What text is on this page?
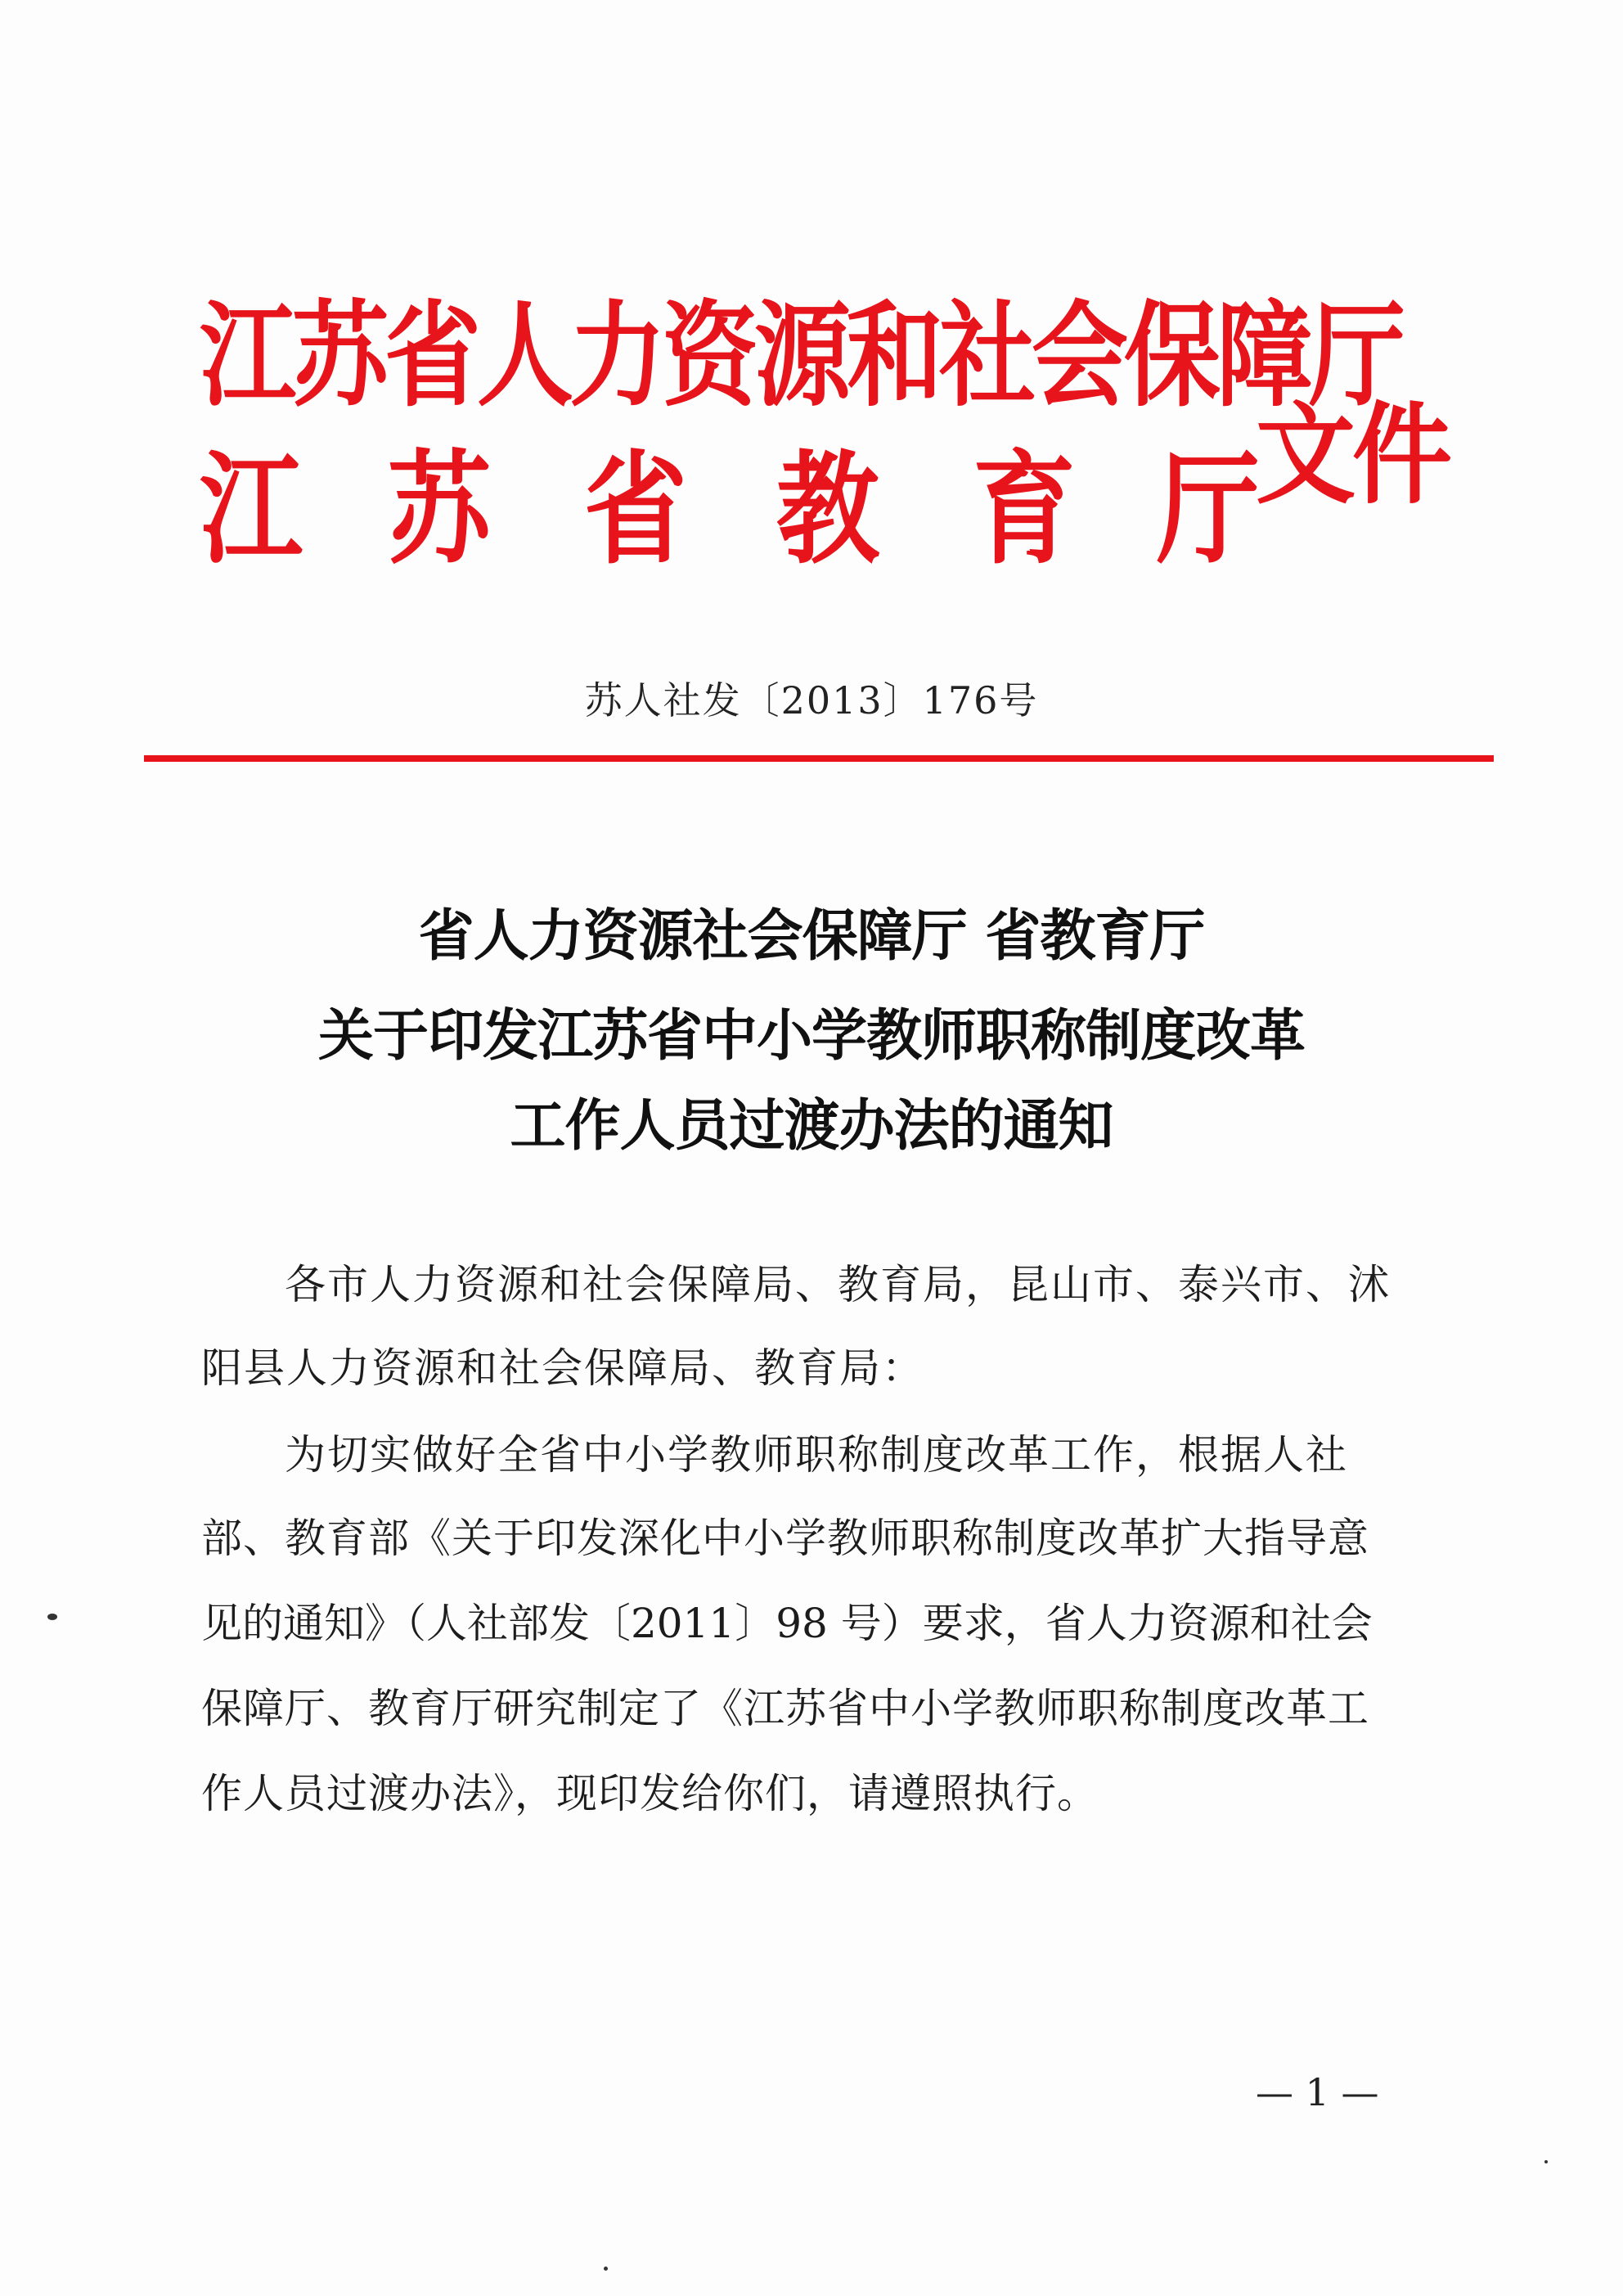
江苏省人力资源和社会保障厅
江 苏 省 教 育 厅
文件
苏人社发〔2013〕176号
省人力资源社会保障厅 省教育厅
关于印发江苏省中小学教师职称制度改革
工作人员过渡办法的通知
各市人力资源和社会保障局、教育局，昆山市、泰兴市、沭
阳县人力资源和社会保障局、教育局：
为切实做好全省中小学教师职称制度改革工作，根据人社
部、教育部《关于印发深化中小学教师职称制度改革扩大指导意
见的通知》（人社部发〔2011〕98 号）要求，省人力资源和社会
保障厅、教育厅研究制定了《江苏省中小学教师职称制度改革工
作人员过渡办法》，现印发给你们，请遵照执行。
— 1 —
